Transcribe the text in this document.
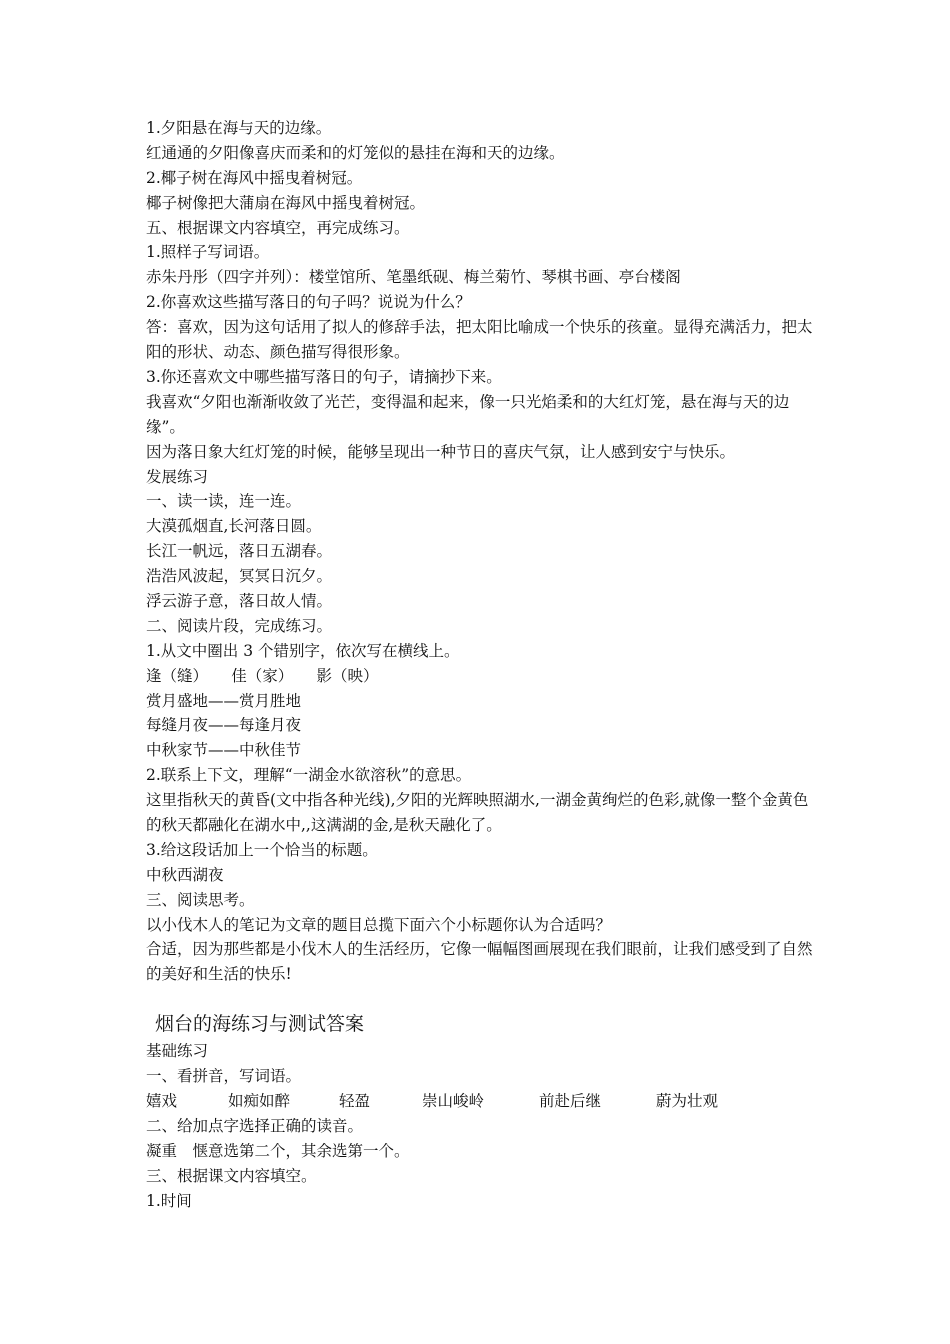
1.夕阳悬在海与天的边缘。
红通通的夕阳像喜庆而柔和的灯笼似的悬挂在海和天的边缘。
2.椰子树在海风中摇曳着树冠。
椰子树像把大蒲扇在海风中摇曳着树冠。
五、根据课文内容填空，再完成练习。
1.照样子写词语。
赤朱丹彤（四字并列）：楼堂馆所、笔墨纸砚、梅兰菊竹、琴棋书画、亭台楼阁
2.你喜欢这些描写落日的句子吗？说说为什么？
答：喜欢，因为这句话用了拟人的修辞手法，把太阳比喻成一个快乐的孩童。显得充满活力，把太阳的形状、动态、颜色描写得很形象。
3.你还喜欢文中哪些描写落日的句子，请摘抄下来。
我喜欢“夕阳也渐渐收敛了光芒，变得温和起来，像一只光焰柔和的大红灯笼，悬在海与天的边缘”。
因为落日象大红灯笼的时候，能够呈现出一种节日的喜庆气氛，让人感到安宁与快乐。
发展练习
一、读一读，连一连。
大漠孤烟直,长河落日圆。
长江一帆远，落日五湖春。
浩浩风波起，冥冥日沉夕。
浮云游子意，落日故人情。
二、阅读片段，完成练习。
1.从文中圈出 3 个错别字，依次写在横线上。
逢（缝）　　佳（家）　　影（映）
赏月盛地——赏月胜地
每缝月夜——每逢月夜
中秋家节——中秋佳节
2.联系上下文，理解“一湖金水欲溶秋”的意思。
这里指秋天的黄昏(文中指各种光线),夕阳的光辉映照湖水,一湖金黄绚烂的色彩,就像一整个金黄色的秋天都融化在湖水中,,这满湖的金,是秋天融化了。
3.给这段话加上一个恰当的标题。
中秋西湖夜
三、阅读思考。
以小伐木人的笔记为文章的题目总揽下面六个小标题你认为合适吗？
合适，因为那些都是小伐木人的生活经历，它像一幅幅图画展现在我们眼前，让我们感受到了自然的美好和生活的快乐!
烟台的海练习与测试答案
基础练习
一、看拼音，写词语。
嬉戏	如痴如醉	轻盈	崇山峻岭	前赴后继	蔚为壮观
二、给加点字选择正确的读音。
凝重　惬意选第二个，其余选第一个。
三、根据课文内容填空。
1.时间
